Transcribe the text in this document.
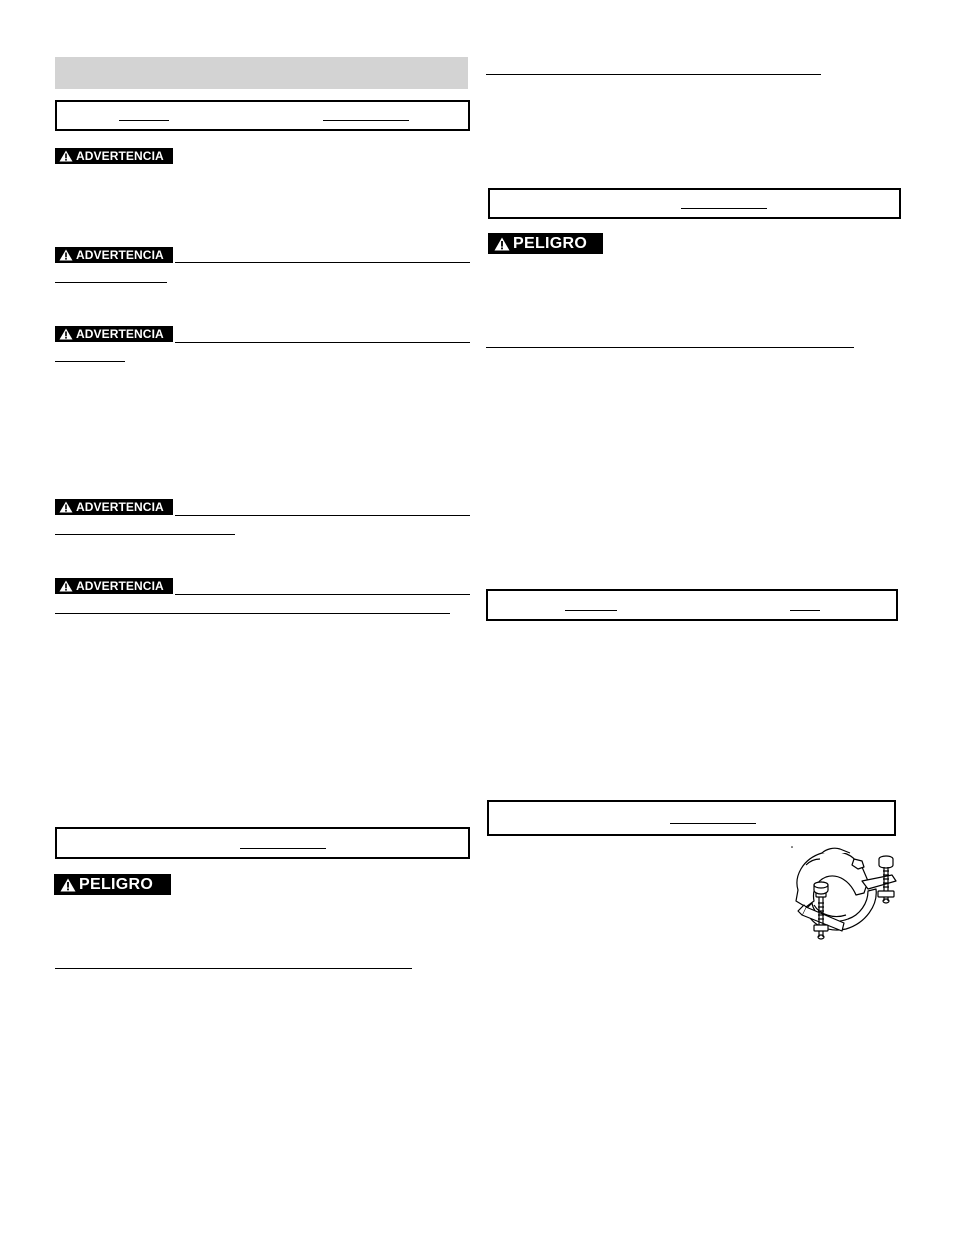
ADVERTENCIA
ADVERTENCIA
ADVERTENCIA
ADVERTENCIA
ADVERTENCIA
PELIGRO
PELIGRO
